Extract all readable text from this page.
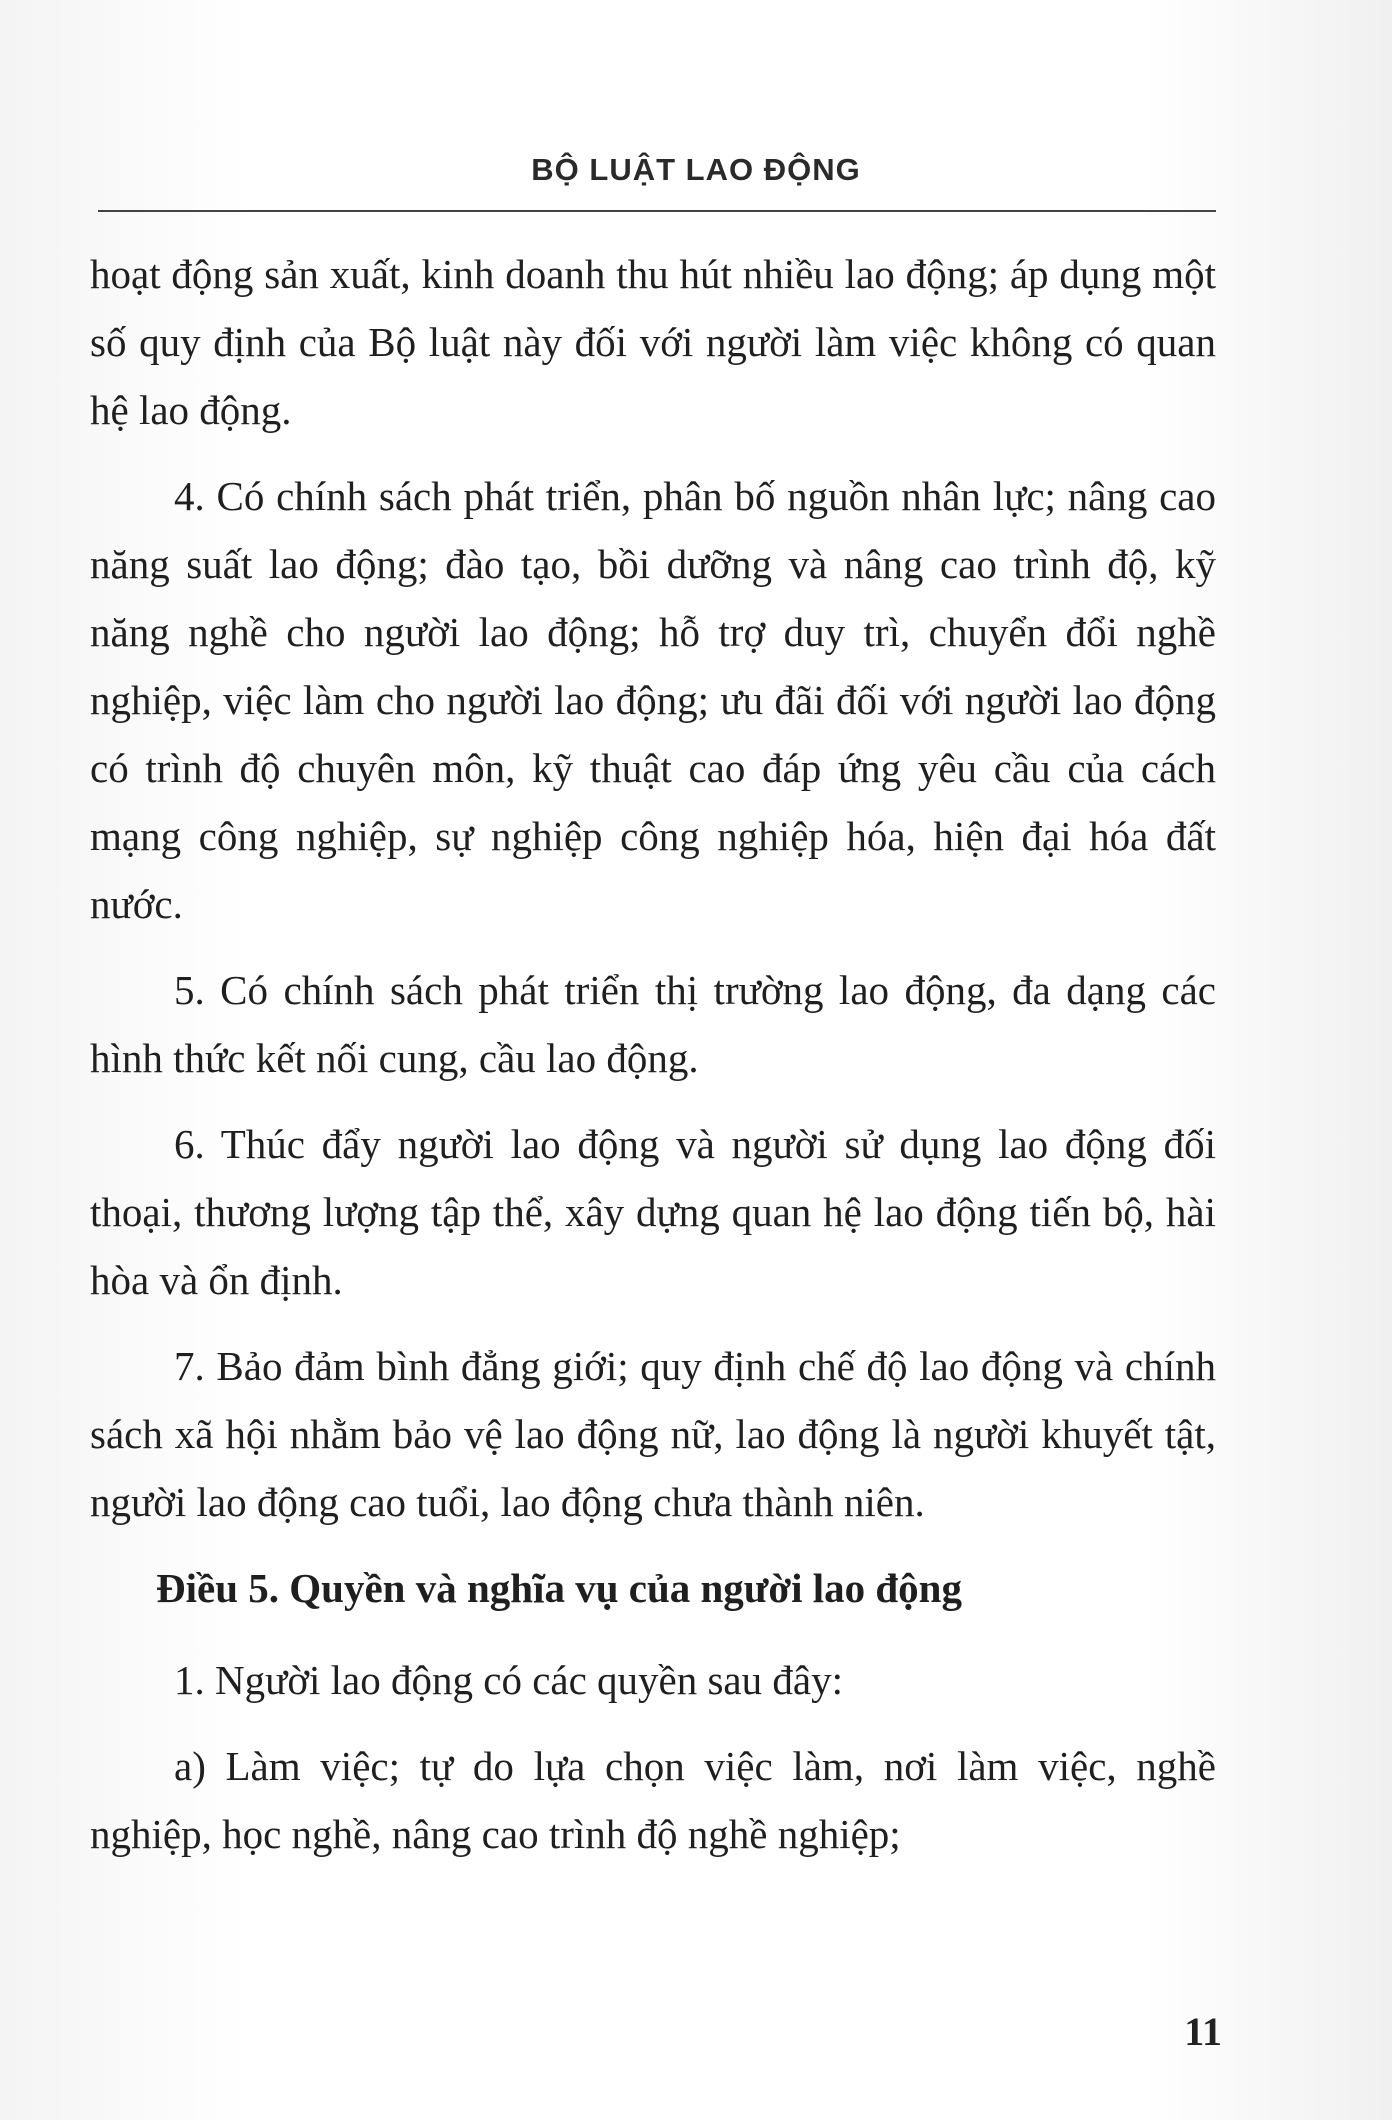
BỘ LUẬT LAO ĐỘNG

hoạt động sản xuất, kinh doanh thu hút nhiều lao động; áp dụng một số quy định của Bộ luật này đối với người làm việc không có quan hệ lao động.

4. Có chính sách phát triển, phân bố nguồn nhân lực; nâng cao năng suất lao động; đào tạo, bồi dưỡng và nâng cao trình độ, kỹ năng nghề cho người lao động; hỗ trợ duy trì, chuyển đổi nghề nghiệp, việc làm cho người lao động; ưu đãi đối với người lao động có trình độ chuyên môn, kỹ thuật cao đáp ứng yêu cầu của cách mạng công nghiệp, sự nghiệp công nghiệp hóa, hiện đại hóa đất nước.

5. Có chính sách phát triển thị trường lao động, đa dạng các hình thức kết nối cung, cầu lao động.

6. Thúc đẩy người lao động và người sử dụng lao động đối thoại, thương lượng tập thể, xây dựng quan hệ lao động tiến bộ, hài hòa và ổn định.

7. Bảo đảm bình đẳng giới; quy định chế độ lao động và chính sách xã hội nhằm bảo vệ lao động nữ, lao động là người khuyết tật, người lao động cao tuổi, lao động chưa thành niên.

Điều 5. Quyền và nghĩa vụ của người lao động

1. Người lao động có các quyền sau đây:

a) Làm việc; tự do lựa chọn việc làm, nơi làm việc, nghề nghiệp, học nghề, nâng cao trình độ nghề nghiệp;

11
